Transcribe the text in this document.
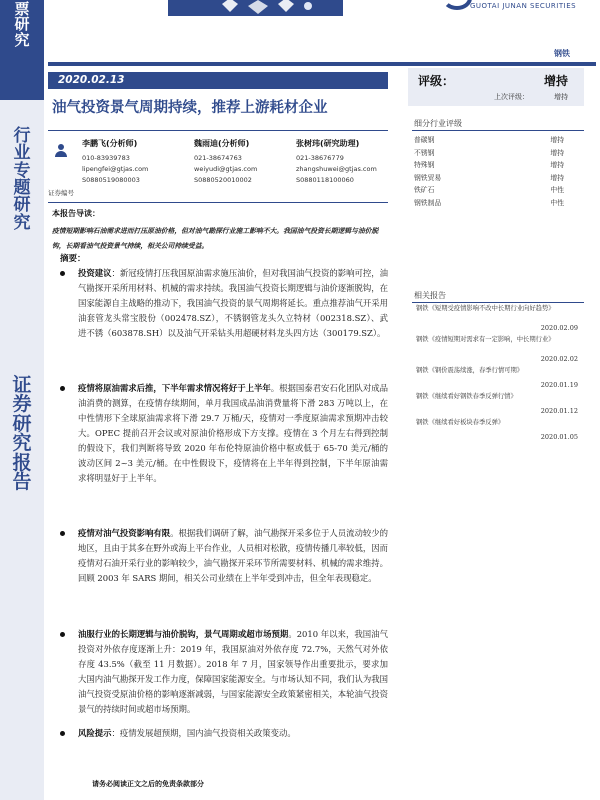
票
研
究
行
业
专
题
研
究
证
券
研
究
报
告
GUOTAI JUNAN SECURITIES
钢铁
2020.02.13
油气投资景气周期持续，推荐上游耗材企业
证券编号
李鹏飞(分析师)
010-83939783
lipengfei@gtjas.com
S0880519080003
魏雨迪(分析师)
021-38674763
weiyudi@gtjas.com
S0880520010002
张树玮(研究助理)
021-38676779
zhangshuwei@gtjas.com
S0880118100060
本报告导读：
疫情短期影响石油需求进而打压原油价格，但对油气勘探行业施工影响不大。我国油气投资长期逻辑与油价脱钩，长期看油气投资景气持续，相关公司持续受益。
摘要：
投资建议：新冠疫情打压我国原油需求施压油价，但对我国油气投资的影响可控，油气勘探开采所用材料、机械的需求持续。我国油气投资长期逻辑与油价逐渐脱钩，在国家能源自主战略的推动下，我国油气投资的景气周期将延长。重点推荐油气开采用油套管龙头常宝股份（002478.SZ），不锈钢管龙头久立特材（002318.SZ）、武进不锈（603878.SH）以及油气开采钻头用超硬材料龙头四方达（300179.SZ）。
疫情将原油需求后推，下半年需求情况将好于上半年。根据国泰君安石化团队对成品油消费的测算，在疫情存续期间，单月我国成品油消费量将下滑 283 万吨以上，在中性情形下全球原油需求将下滑 29.7 万桶/天，疫情对一季度原油需求预期冲击较大。OPEC 提前召开会议或对原油价格形成下方支撑。疫情在 3 个月左右得到控制的假设下，我们判断将导致 2020 年布伦特原油价格中枢或低于 65-70 美元/桶的波动区间 2~3 美元/桶。在中性假设下，疫情将在上半年得到控制，下半年原油需求将明显好于上半年。
疫情对油气投资影响有限。根据我们调研了解，油气勘探开采多位于人员流动较少的地区，且由于其多在野外或海上平台作业，人员相对松散，疫情传播几率较低，因而疫情对石油开采行业的影响较少，油气勘探开采环节所需要材料、机械的需求维持。回顾 2003 年 SARS 期间，相关公司业绩在上半年受到冲击，但全年表现稳定。
油服行业的长期逻辑与油价脱钩，景气周期或超市场预期。2010 年以来，我国油气投资对外依存度逐渐上升：2019 年，我国原油对外依存度 72.7%，天然气对外依存度 43.5%（截至 11 月数据）。2018 年 7 月，国家领导作出重要批示，要求加大国内油气勘探开发工作力度，保障国家能源安全。与市场认知不同，我们认为我国油气投资受原油价格的影响逐渐减弱，与国家能源安全政策紧密相关，本轮油气投资景气的持续时间或超市场预期。
风险提示：疫情发展超预期，国内油气投资相关政策变动。
请务必阅读正文之后的免责条款部分
评级：	增持
上次评级：	增持
细分行业评级
普碳钢	增持
不锈钢	增持
特殊钢	增持
钢铁贸易	增持
铁矿石	中性
钢铁制品	中性
相关报告
钢铁《短期受疫情影响不改中长期行业向好趋势》
2020.02.09
钢铁《疫情短期对需求有一定影响，中长期行业》
2020.02.02
钢铁《钢价震荡续涨，春季行情可期》
2020.01.19
钢铁《继续看好钢铁春季反弹行情》
2020.01.12
钢铁《继续看好板块春季反弹》
2020.01.05
